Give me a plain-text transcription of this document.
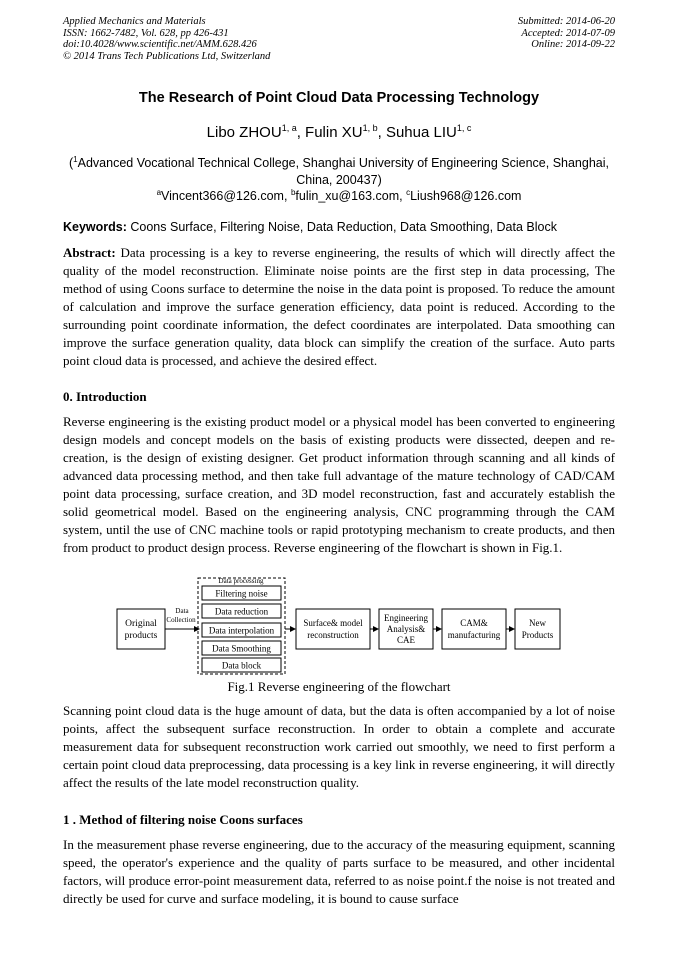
Applied Mechanics and Materials
ISSN: 1662-7482, Vol. 628, pp 426-431
doi:10.4028/www.scientific.net/AMM.628.426
© 2014 Trans Tech Publications Ltd, Switzerland
Submitted: 2014-06-20
Accepted: 2014-07-09
Online: 2014-09-22
The Research of Point Cloud Data Processing Technology
Libo ZHOU$^{1, a}$, Fulin XU$^{1, b}$, Suhua LIU$^{1, c}$
($^1$Advanced Vocational Technical College, Shanghai University of Engineering Science, Shanghai, China, 200437)
$^a$Vincent366@126.com, $^b$fulin_xu@163.com, $^c$Liush968@126.com
Keywords: Coons Surface, Filtering Noise, Data Reduction, Data Smoothing, Data Block
Abstract: Data processing is a key to reverse engineering, the results of which will directly affect the quality of the model reconstruction. Eliminate noise points are the first step in data processing, The method of using Coons surface to determine the noise in the data point is proposed. To reduce the amount of calculation and improve the surface generation efficiency, data point is reduced. According to the surrounding point coordinate information, the defect coordinates are interpolated. Data smoothing can improve the surface generation quality, data block can simplify the creation of the surface. Auto parts point cloud data is processed, and achieve the desired effect.
0. Introduction
Reverse engineering is the existing product model or a physical model has been converted to engineering design models and concept models on the basis of existing products were dissected, deepen and re-creation, is the design of existing designer. Get product information through scanning and all kinds of advanced data processing method, and then take full advantage of the mature technology of CAD/CAM point data processing, surface creation, and 3D model reconstruction, fast and accurately establish the solid geometrical model. Based on the engineering analysis, CNC programming through the CAM system, until the use of CNC machine tools or rapid prototyping mechanism to create products, and then from product to product design process. Reverse engineering of the flowchart is shown in Fig.1.
Original
products
Data
Collection
Data processing
Filtering noise
Data reduction
Data interpolation
Data Smoothing
Data block
Surface& model
reconstruction
Engineering
Analysis&
CAE
CAM&
manufacturing
New
Products
Fig.1 Reverse engineering of the flowchart
Scanning point cloud data is the huge amount of data, but the data is often accompanied by a lot of noise points, affect the subsequent surface reconstruction. In order to obtain a complete and accurate measurement data for subsequent reconstruction work carried out smoothly, we need to first perform a certain point cloud data preprocessing, data processing is a key link in reverse engineering, it will directly affect the results of the late model reconstruction quality.
1 . Method of filtering noise Coons surfaces
In the measurement phase reverse engineering, due to the accuracy of the measuring equipment, scanning speed, the operator's experience and the quality of parts surface to be measured, and other incidental factors, will produce error-point measurement data, referred to as noise point.f the noise is not treated and directly be used for curve and surface modeling, it is bound to cause surface
